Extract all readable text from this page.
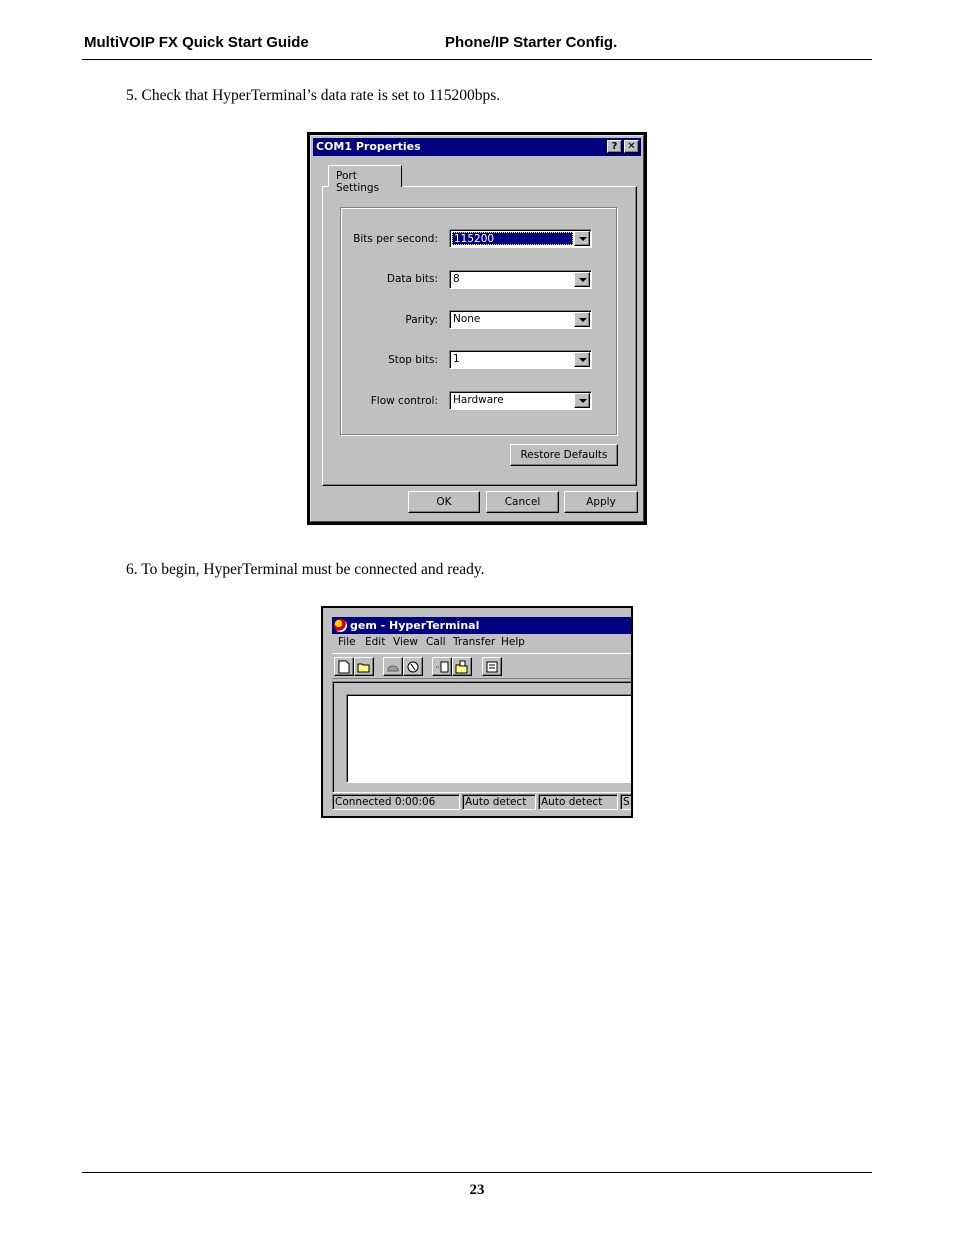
MultiVOIP FX Quick Start Guide	Phone/IP Starter Config.
5. Check that HyperTerminal’s data rate is set to 115200bps.
COM1 Properties	? ✕
Port Settings
Bits per second: 115200
Data bits: 8
Parity: None
Stop bits: 1
Flow control: Hardware
Restore Defaults
OK	Cancel	Apply
6. To begin, HyperTerminal must be connected and ready.
gem - HyperTerminal
File Edit View Call Transfer Help
Connected 0:00:06	Auto detect	Auto detect	S
23
